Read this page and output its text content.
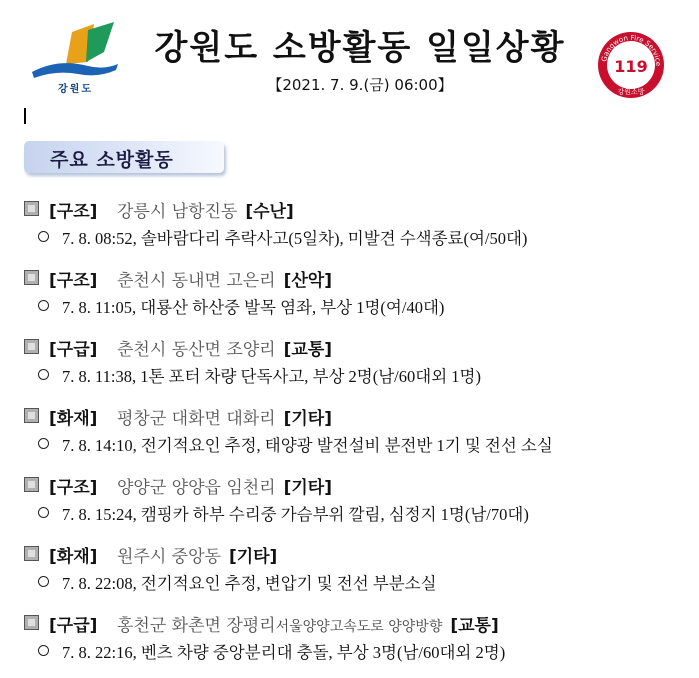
강원도
강원도 소방활동 일일상황
【2021. 7. 9.(금) 06:00】
Gangwon Fire Service
119
강원소방
주요 소방활동
[구조] 강릉시 남항진동 [수난]
7. 8. 08:52, 솔바람다리 추락사고(5일차), 미발견 수색종료(여/50대)
[구조] 춘천시 동내면 고은리 [산악]
7. 8. 11:05, 대룡산 하산중 발목 염좌, 부상 1명(여/40대)
[구급] 춘천시 동산면 조양리 [교통]
7. 8. 11:38, 1톤 포터 차량 단독사고, 부상 2명(남/60대외 1명)
[화재] 평창군 대화면 대화리 [기타]
7. 8. 14:10, 전기적요인 추정, 태양광 발전설비 분전반 1기 및 전선 소실
[구조] 양양군 양양읍 임천리 [기타]
7. 8. 15:24, 캠핑카 하부 수리중 가슴부위 깔림, 심정지 1명(남/70대)
[화재] 원주시 중앙동 [기타]
7. 8. 22:08, 전기적요인 추정, 변압기 및 전선 부분소실
[구급] 홍천군 화촌면 장평리서울양양고속도로 양양방향 [교통]
7. 8. 22:16, 벤츠 차량 중앙분리대 충돌, 부상 3명(남/60대외 2명)
